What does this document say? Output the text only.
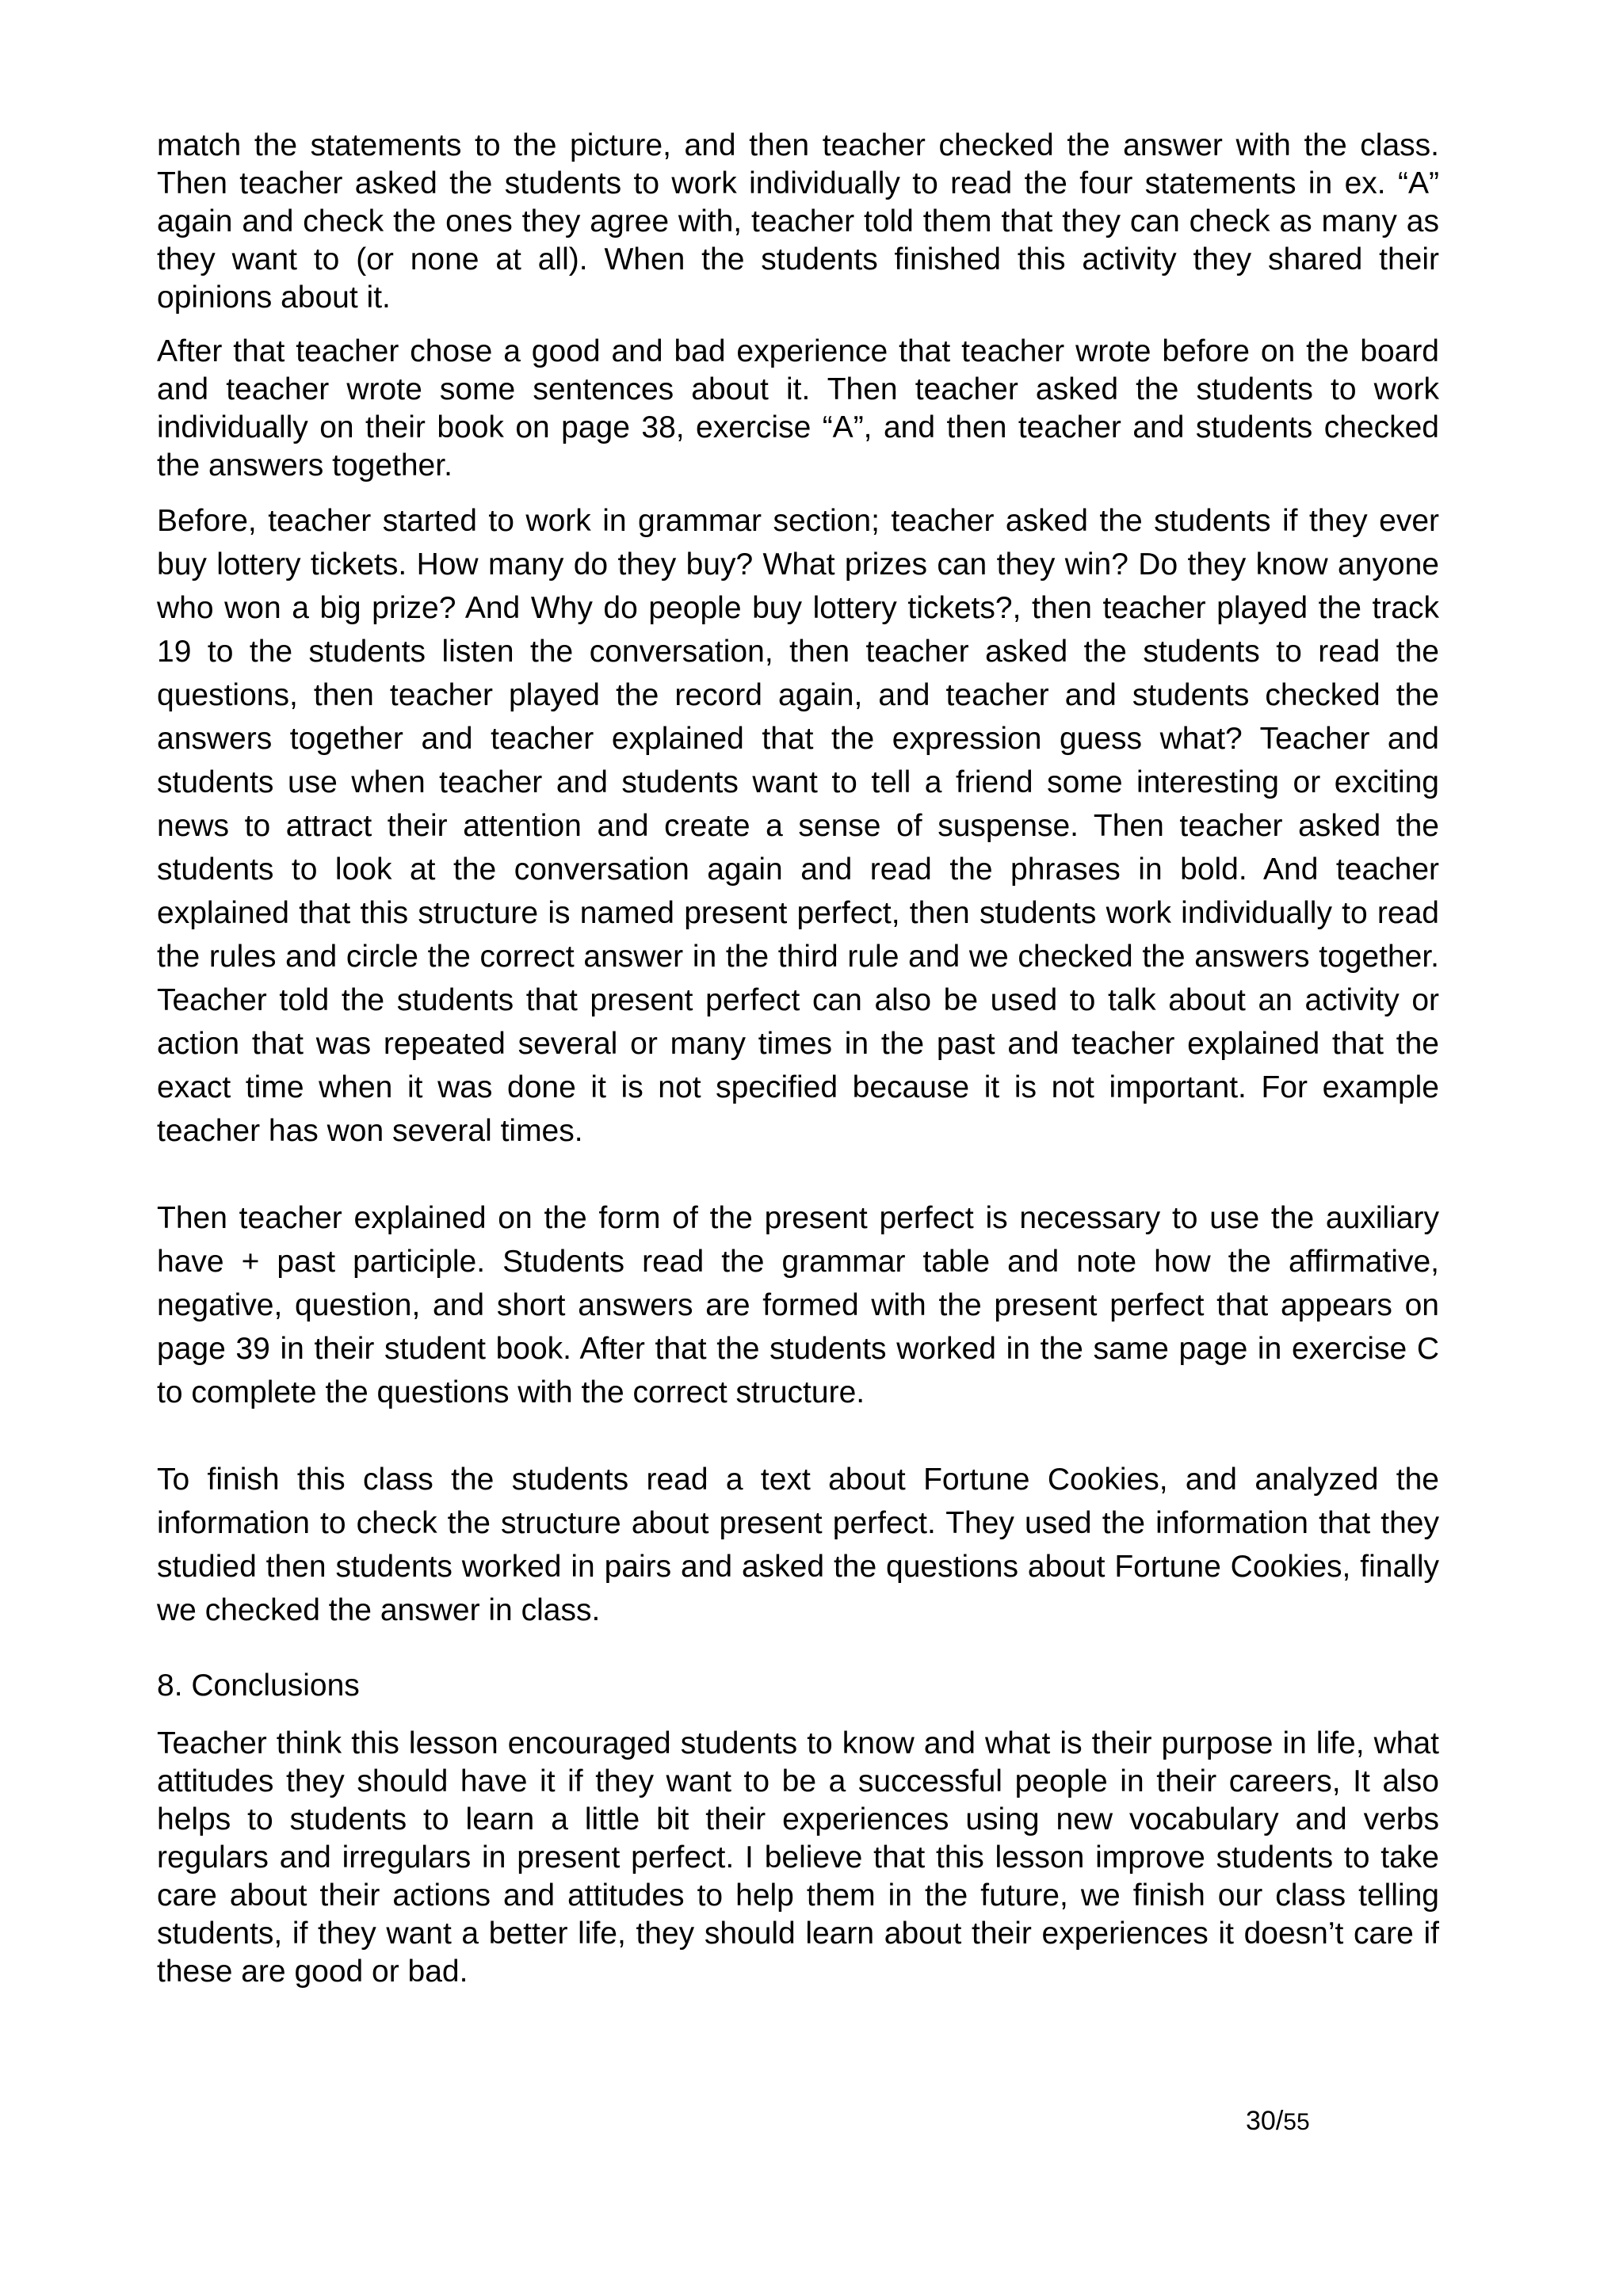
match the statements to the picture, and then teacher checked the answer with the class. Then teacher asked the students to work individually to read the four statements in ex. “A” again and check the ones they agree with, teacher told them that they can check as many as they want to (or none at all). When the students finished this activity they shared their opinions about it.

After that teacher chose a good and bad experience that teacher wrote before on the board and teacher wrote some sentences about it. Then teacher asked the students to work individually on their book on page 38, exercise “A”, and then teacher and students checked the answers together.

Before, teacher started to work in grammar section; teacher asked the students if they ever buy lottery tickets. How many do they buy? What prizes can they win? Do they know anyone who won a big prize? And Why do people buy lottery tickets?, then teacher played the track 19 to the students listen the conversation, then teacher asked the students to read the questions, then teacher played the record again, and teacher and students checked the answers together and teacher explained that the expression guess what? Teacher and students use when teacher and students want to tell a friend some interesting or exciting news to attract their attention and create a sense of suspense. Then teacher asked the students to look at the conversation again and read the phrases in bold. And teacher explained that this structure is named present perfect, then students work individually to read the rules and circle the correct answer in the third rule and we checked the answers together. Teacher told the students that present perfect can also be used to talk about an activity or action that was repeated several or many times in the past and teacher explained that the exact time when it was done it is not specified because it is not important. For example teacher has won several times.

Then teacher explained on the form of the present perfect is necessary to use the auxiliary have + past participle. Students read the grammar table and note how the affirmative, negative, question, and short answers are formed with the present perfect that appears on page 39 in their student book. After that the students worked in the same page in exercise C to complete the questions with the correct structure.

To finish this class the students read a text about Fortune Cookies, and analyzed the information to check the structure about present perfect. They used the information that they studied then students worked in pairs and asked the questions about Fortune Cookies, finally we checked the answer in class.

8. Conclusions

Teacher think this lesson encouraged students to know and what is their purpose in life, what attitudes they should have it if they want to be a successful people in their careers, It also helps to students to learn a little bit their experiences using new vocabulary and verbs regulars and irregulars in present perfect. I believe that this lesson improve students to take care about their actions and attitudes to help them in the future, we finish our class telling students, if they want a better life, they should learn about their experiences it doesn’t care if these are good or bad.

30/55
